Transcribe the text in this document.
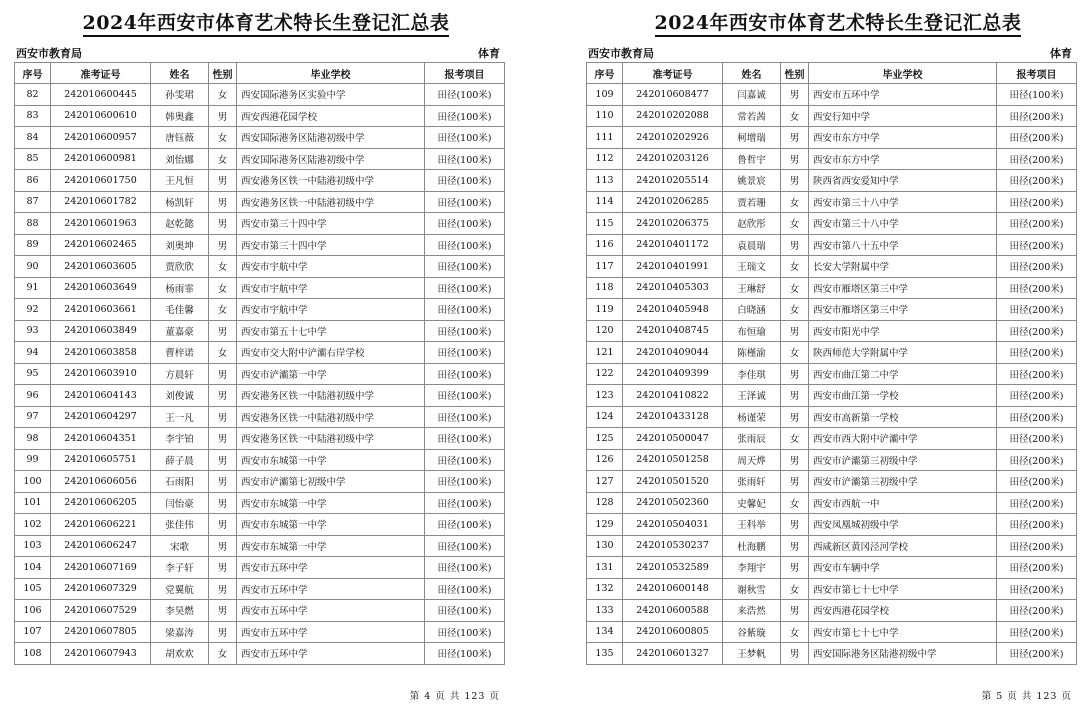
2024年西安市体育艺术特长生登记汇总表
西安市教育局	体育
序号	准考证号	姓名	性别	毕业学校	报考项目
82	242010600445	孙雯珺	女	西安国际港务区实验中学	田径(100米)
83	242010600610	韩奥鑫	男	西安西港花园学校	田径(100米)
84	242010600957	唐钰薇	女	西安国际港务区陆港初级中学	田径(100米)
85	242010600981	刘怡娜	女	西安国际港务区陆港初级中学	田径(100米)
86	242010601750	王凡恒	男	西安港务区铁一中陆港初级中学	田径(100米)
87	242010601782	杨凯轩	男	西安港务区铁一中陆港初级中学	田径(100米)
88	242010601963	赵乾懿	男	西安市第三十四中学	田径(100米)
89	242010602465	刘奥坤	男	西安市第三十四中学	田径(100米)
90	242010603605	贾欣欣	女	西安市宇航中学	田径(100米)
91	242010603649	杨雨霏	女	西安市宇航中学	田径(100米)
92	242010603661	毛佳馨	女	西安市宇航中学	田径(100米)
93	242010603849	董嘉豪	男	西安市第五十七中学	田径(100米)
94	242010603858	曹梓诺	女	西安市交大附中浐灞右岸学校	田径(100米)
95	242010603910	方晨轩	男	西安市浐灞第一中学	田径(100米)
96	242010604143	刘俊诚	男	西安港务区铁一中陆港初级中学	田径(100米)
97	242010604297	王一凡	男	西安港务区铁一中陆港初级中学	田径(100米)
98	242010604351	李宇铂	男	西安港务区铁一中陆港初级中学	田径(100米)
99	242010605751	薛子晨	男	西安市东城第一中学	田径(100米)
100	242010606056	石雨阳	男	西安市浐灞第七初级中学	田径(100米)
101	242010606205	闫怡豪	男	西安市东城第一中学	田径(100米)
102	242010606221	张佳伟	男	西安市东城第一中学	田径(100米)
103	242010606247	宋歌	男	西安市东城第一中学	田径(100米)
104	242010607169	李子轩	男	西安市五环中学	田径(100米)
105	242010607329	党翼航	男	西安市五环中学	田径(100米)
106	242010607529	李昊燃	男	西安市五环中学	田径(100米)
107	242010607805	梁嘉涛	男	西安市五环中学	田径(100米)
108	242010607943	胡欢欢	女	西安市五环中学	田径(100米)
第 4 页 共 123 页
2024年西安市体育艺术特长生登记汇总表
西安市教育局	体育
序号	准考证号	姓名	性别	毕业学校	报考项目
109	242010608477	闫嘉诚	男	西安市五环中学	田径(100米)
110	242010202088	常若茜	女	西安行知中学	田径(200米)
111	242010202926	柯增瑞	男	西安市东方中学	田径(200米)
112	242010203126	鲁哲宇	男	西安市东方中学	田径(200米)
113	242010205514	姚景宸	男	陕西省西安爱知中学	田径(200米)
114	242010206285	贾若珊	女	西安市第三十八中学	田径(200米)
115	242010206375	赵欣彤	女	西安市第三十八中学	田径(200米)
116	242010401172	袁晨瑞	男	西安市第八十五中学	田径(200米)
117	242010401991	王瑞文	女	长安大学附属中学	田径(200米)
118	242010405303	王琳舒	女	西安市雁塔区第三中学	田径(200米)
119	242010405948	白晓涵	女	西安市雁塔区第三中学	田径(200米)
120	242010408745	布恒瑜	男	西安市阳光中学	田径(200米)
121	242010409044	陈槿渝	女	陕西师范大学附属中学	田径(200米)
122	242010409399	李佳琪	男	西安市曲江第二中学	田径(200米)
123	242010410822	王泽诚	男	西安市曲江第一学校	田径(200米)
124	242010433128	杨谨荣	男	西安市高新第一学校	田径(200米)
125	242010500047	张雨辰	女	西安市西大附中浐灞中学	田径(200米)
126	242010501258	周天烨	男	西安市浐灞第三初级中学	田径(200米)
127	242010501520	张雨轩	男	西安市浐灞第三初级中学	田径(200米)
128	242010502360	史馨妃	女	西安市西航一中	田径(200米)
129	242010504031	王科举	男	西安凤凰城初级中学	田径(200米)
130	242010530237	杜海鹏	男	西咸新区黄冈泾河学校	田径(200米)
131	242010532589	李翔宇	男	西安市车辆中学	田径(200米)
132	242010600148	谢秋雪	女	西安市第七十七中学	田径(200米)
133	242010600588	来浩然	男	西安西港花园学校	田径(200米)
134	242010600805	谷紫璇	女	西安市第七十七中学	田径(200米)
135	242010601327	王梦帆	男	西安国际港务区陆港初级中学	田径(200米)
第 5 页 共 123 页
